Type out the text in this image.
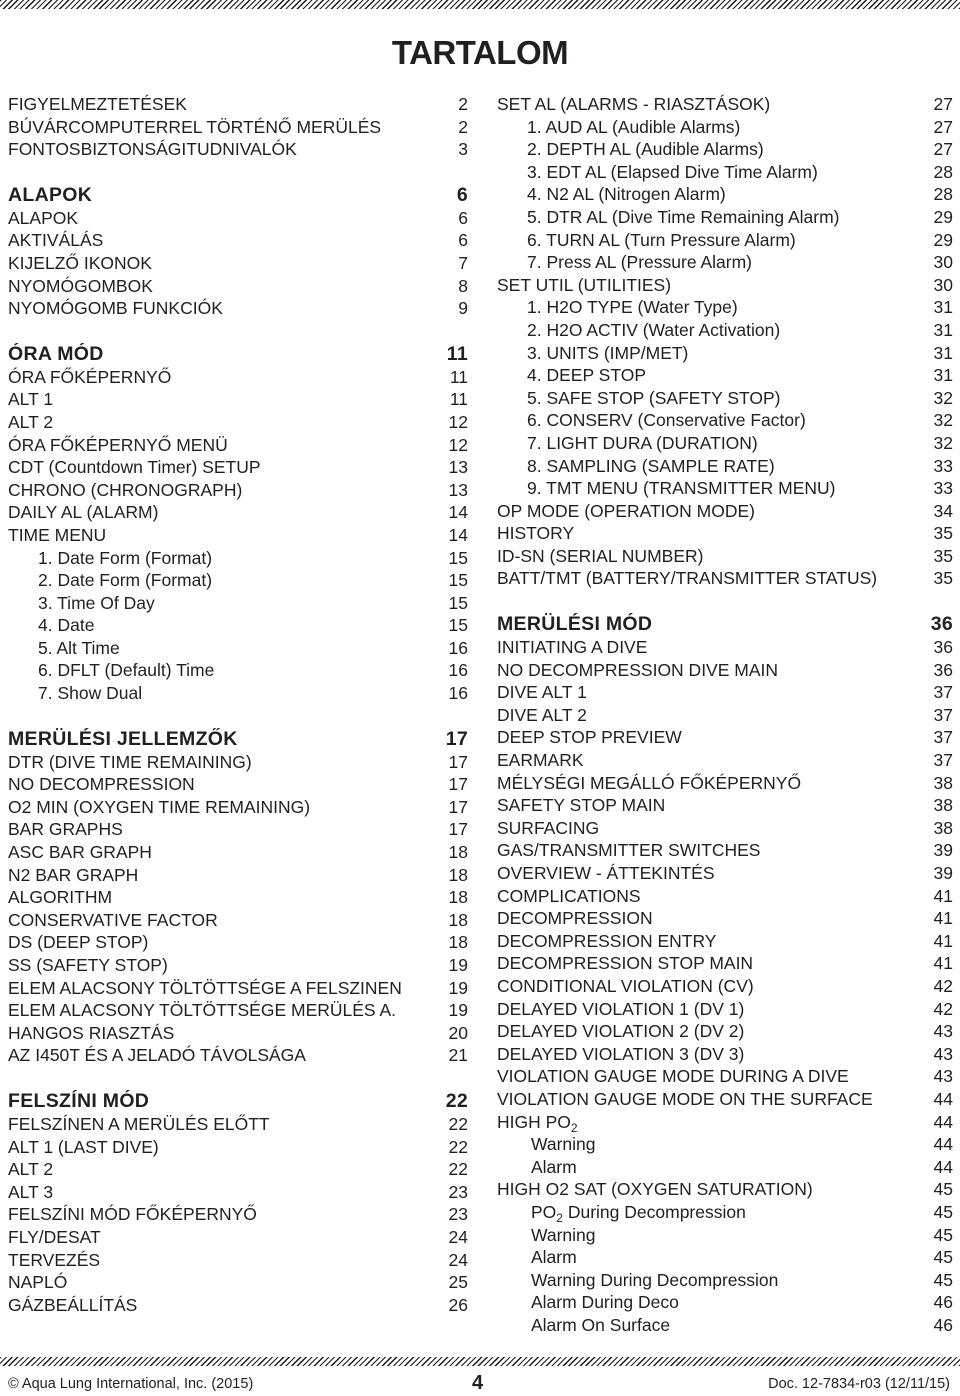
TARTALOM
FIGYELMEZTETÉSEK	2
BÚVÁRCOMPUTERREL TÖRTÉNŐ MERÜLÉS	2
FONTOSBIZTONSÁGITUDNIVALÓK	3
ALAPOK	6
ALAPOK	6
AKTIVÁLÁS	6
KIJELZŐ IKONOK	7
NYOMÓGOMBOK	8
NYOMÓGOMB FUNKCIÓK	9
ÓRA MÓD	11
ÓRA FŐKÉPERNYŐ	11
ALT 1	11
ALT 2	12
ÓRA FŐKÉPERNYŐ MENÜ	12
CDT (Countdown Timer) SETUP	13
CHRONO (CHRONOGRAPH)	13
DAILY AL (ALARM)	14
TIME MENU	14
1. Date Form (Format)	15
2. Date Form (Format)	15
3. Time Of Day	15
4. Date	15
5. Alt Time	16
6. DFLT (Default) Time	16
7. Show Dual	16
MERÜLÉSI JELLEMZŐK	17
DTR (DIVE TIME REMAINING)	17
NO DECOMPRESSION	17
O2 MIN (OXYGEN TIME REMAINING)	17
BAR GRAPHS	17
ASC BAR GRAPH	18
N2 BAR GRAPH	18
ALGORITHM	18
CONSERVATIVE FACTOR	18
DS (DEEP STOP)	18
SS (SAFETY STOP)	19
ELEM ALACSONY TÖLTÖTTSÉGE A FELSZINEN	19
ELEM ALACSONY TÖLTÖTTSÉGE MERÜLÉS A.	19
HANGOS RIASZTÁS	20
AZ I450T ÉS A JELADÓ TÁVOLSÁGA	21
FELSZÍNI MÓD	22
FELSZÍNEN A MERÜLÉS ELŐTT	22
ALT 1 (LAST DIVE)	22
ALT 2	22
ALT 3	23
FELSZÍNI MÓD FŐKÉPERNYŐ	23
FLY/DESAT	24
TERVEZÉS	24
NAPLÓ	25
GÁZBEÁLLÍTÁS	26
SET AL (ALARMS - RIASZTÁSOK)	27
1. AUD AL (Audible Alarms)	27
2. DEPTH AL (Audible Alarms)	27
3. EDT AL (Elapsed Dive Time Alarm)	28
4. N2 AL (Nitrogen Alarm)	28
5. DTR AL (Dive Time Remaining Alarm)	29
6. TURN AL (Turn Pressure Alarm)	29
7. Press AL (Pressure Alarm)	30
SET UTIL (UTILITIES)	30
1. H2O TYPE (Water Type)	31
2. H2O ACTIV (Water Activation)	31
3. UNITS (IMP/MET)	31
4. DEEP STOP	31
5. SAFE STOP (SAFETY STOP)	32
6. CONSERV (Conservative Factor)	32
7. LIGHT DURA (DURATION)	32
8. SAMPLING (SAMPLE RATE)	33
9. TMT MENU (TRANSMITTER MENU)	33
OP MODE (OPERATION MODE)	34
HISTORY	35
ID-SN (SERIAL NUMBER)	35
BATT/TMT (BATTERY/TRANSMITTER STATUS)	35
MERÜLÉSI MÓD	36
INITIATING A DIVE	36
NO DECOMPRESSION DIVE MAIN	36
DIVE ALT 1	37
DIVE ALT 2	37
DEEP STOP PREVIEW	37
EARMARK	37
MÉLYSÉGI MEGÁLLÓ FŐKÉPERNYŐ	38
SAFETY STOP MAIN	38
SURFACING	38
GAS/TRANSMITTER SWITCHES	39
OVERVIEW - ÁTTEKINTÉS	39
COMPLICATIONS	41
DECOMPRESSION	41
DECOMPRESSION ENTRY	41
DECOMPRESSION STOP MAIN	41
CONDITIONAL VIOLATION (CV)	42
DELAYED VIOLATION 1 (DV 1)	42
DELAYED VIOLATION 2 (DV 2)	43
DELAYED VIOLATION 3 (DV 3)	43
VIOLATION GAUGE MODE DURING A DIVE	43
VIOLATION GAUGE MODE ON THE SURFACE	44
HIGH $PO_2$	44
Warning	44
Alarm	44
HIGH O2 SAT (OXYGEN SATURATION)	45
$PO_2$ During Decompression	45
Warning	45
Alarm	45
Warning During Decompression	45
Alarm During Deco	46
Alarm On Surface	46
© Aqua Lung International, Inc. (2015)	4	Doc. 12-7834-r03 (12/11/15)
